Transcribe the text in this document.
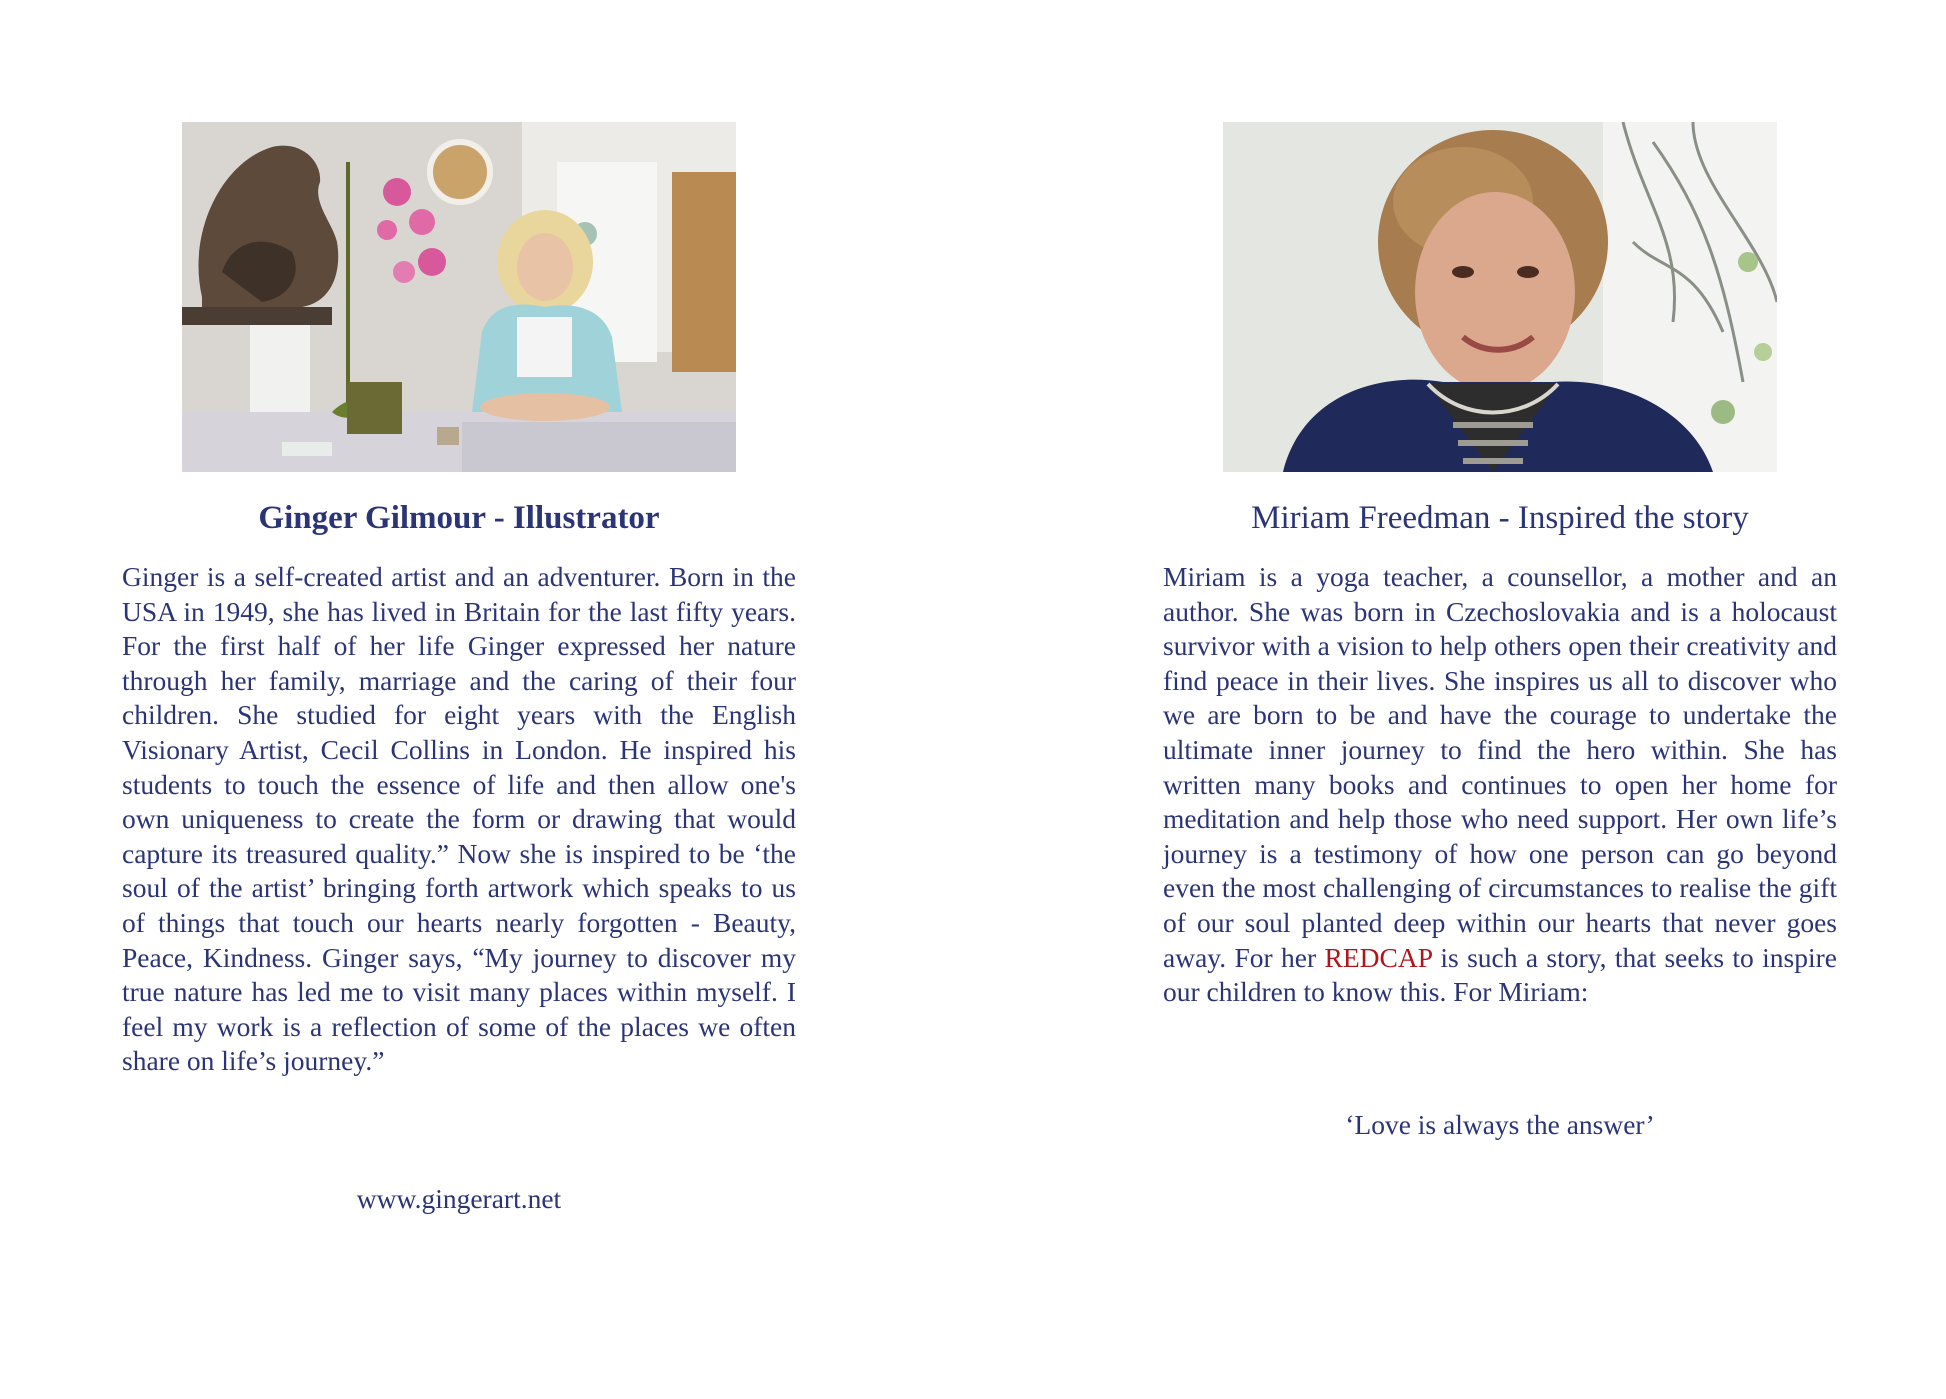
Ginger Gilmour - Illustrator

Ginger is a self-created artist and an adventurer. Born in the USA in 1949, she has lived in Britain for the last fifty years. For the first half of her life Ginger expressed her nature through her family, marriage and the caring of their four children. She studied for eight years with the English Visionary Artist, Cecil Collins in London. He inspired his students to touch the essence of life and then allow one's own uniqueness to create the form or drawing that would capture its treasured quality.” Now she is inspired to be ‘the soul of the artist’ bringing forth artwork which speaks to us of things that touch our hearts nearly forgotten - Beauty, Peace, Kindness. Ginger says, “My journey to discover my true nature has led me to visit many places within myself. I feel my work is a reflection of some of the places we often share on life’s journey.”

www.gingerart.net
Miriam Freedman - Inspired the story

Miriam is a yoga teacher, a counsellor, a mother and an author. She was born in Czechoslovakia and is a holocaust survivor with a vision to help others open their creativity and find peace in their lives. She inspires us all to discover who we are born to be and have the courage to undertake the ultimate inner journey to find the hero within. She has written many books and continues to open her home for meditation and help those who need support. Her own life’s journey is a testimony of how one person can go beyond even the most challenging of circumstances to realise the gift of our soul planted deep within our hearts that never goes away. For her REDCAP is such a story, that seeks to inspire our children to know this. For Miriam:

‘Love is always the answer’
